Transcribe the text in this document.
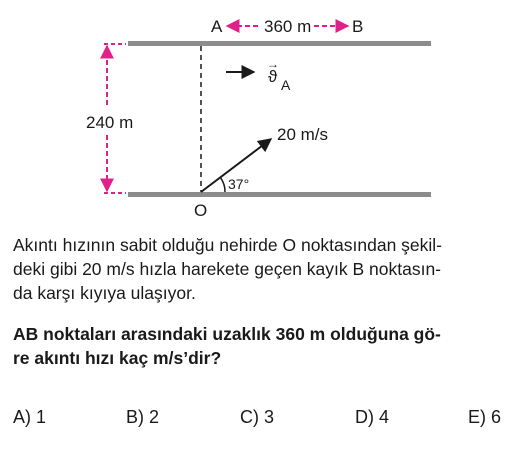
A 360 m B
240 m
→
ϑ A
20 m/s
37°
O

Akıntı hızının sabit olduğu nehirde O noktasından şekil-
deki gibi 20 m/s hızla harekete geçen kayık B noktasın-
da karşı kıyıya ulaşıyor.

AB noktaları arasındaki uzaklık 360 m olduğuna gö-
re akıntı hızı kaç m/s’dir?

A) 1	B) 2	C) 3	D) 4	E) 6
